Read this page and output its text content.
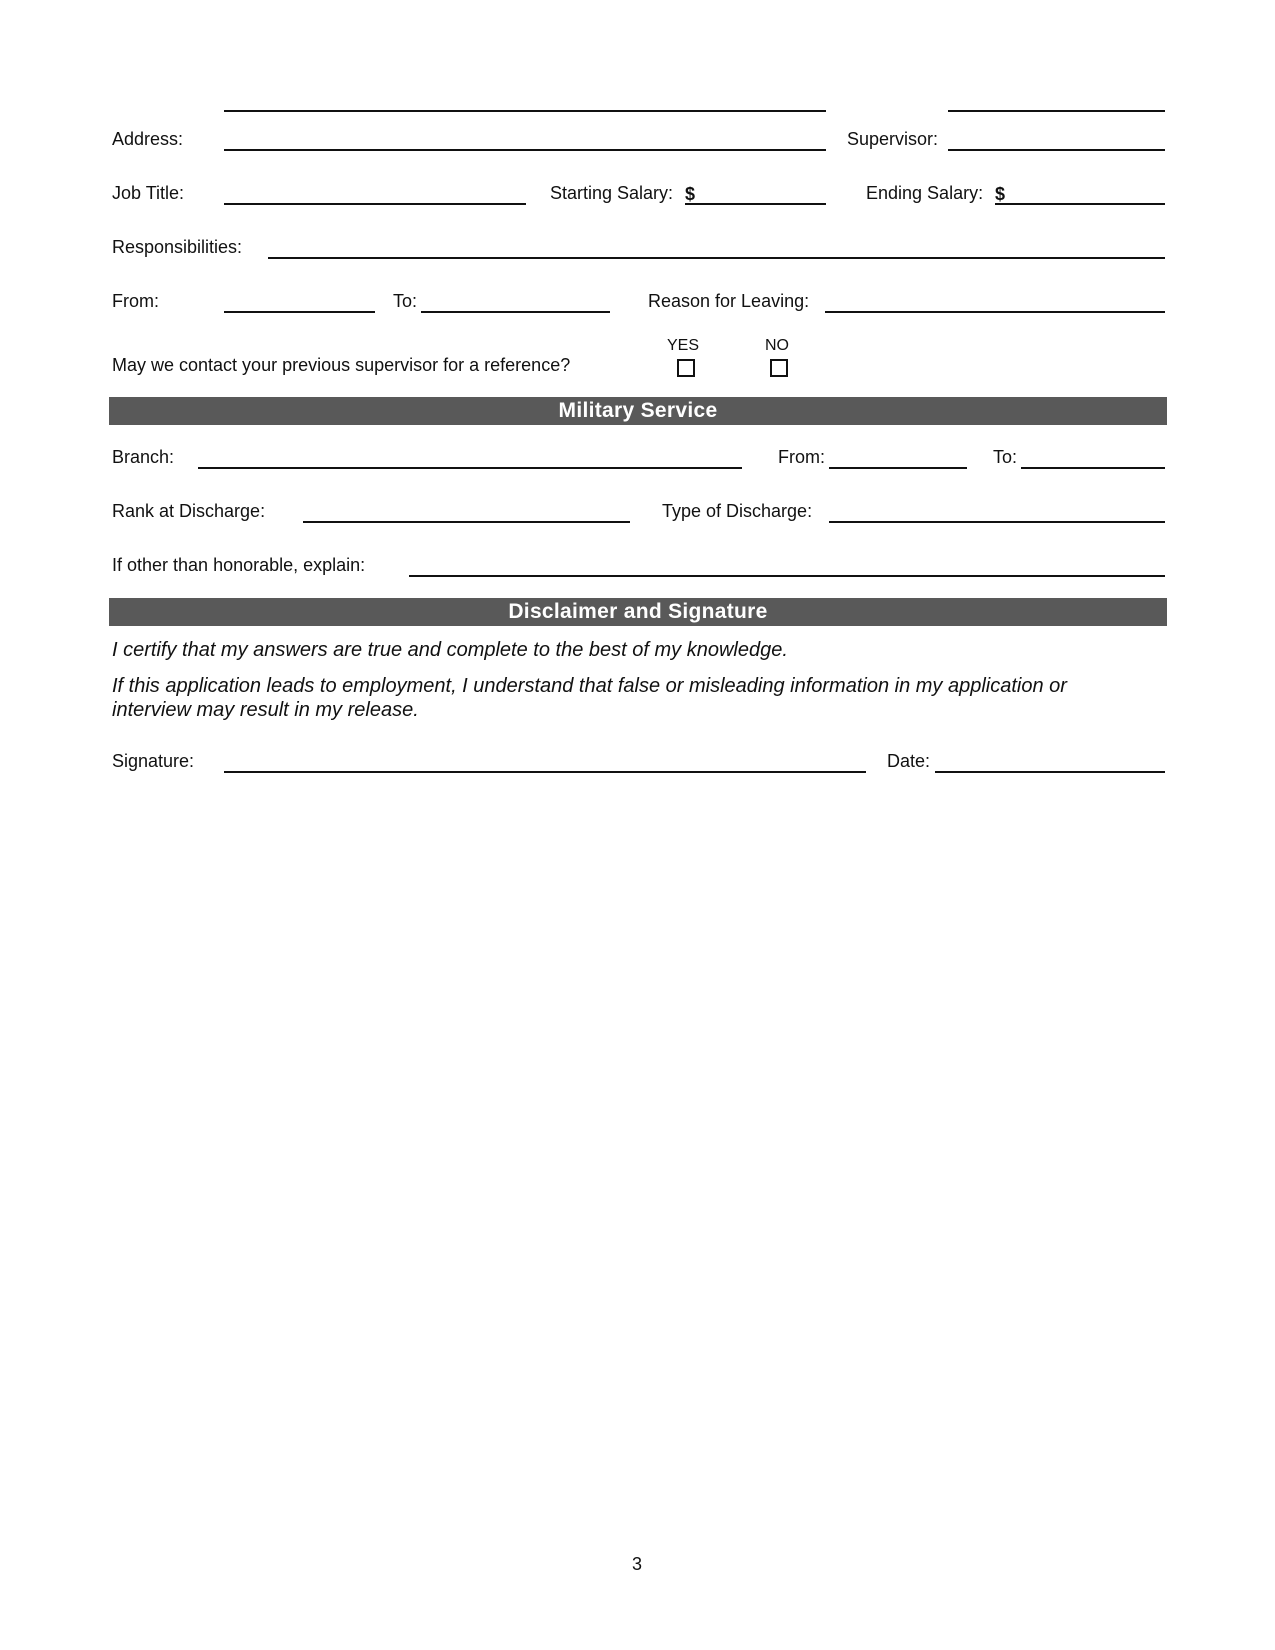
Address:	Supervisor:
Job Title:	Starting Salary: $	Ending Salary: $
Responsibilities:
From:	To:	Reason for Leaving:
May we contact your previous supervisor for a reference?
YES	NO
Military Service
Branch:	From:	To:
Rank at Discharge:	Type of Discharge:
If other than honorable, explain:
Disclaimer and Signature
I certify that my answers are true and complete to the best of my knowledge.
If this application leads to employment, I understand that false or misleading information in my application or interview may result in my release.
Signature:	Date:
3
